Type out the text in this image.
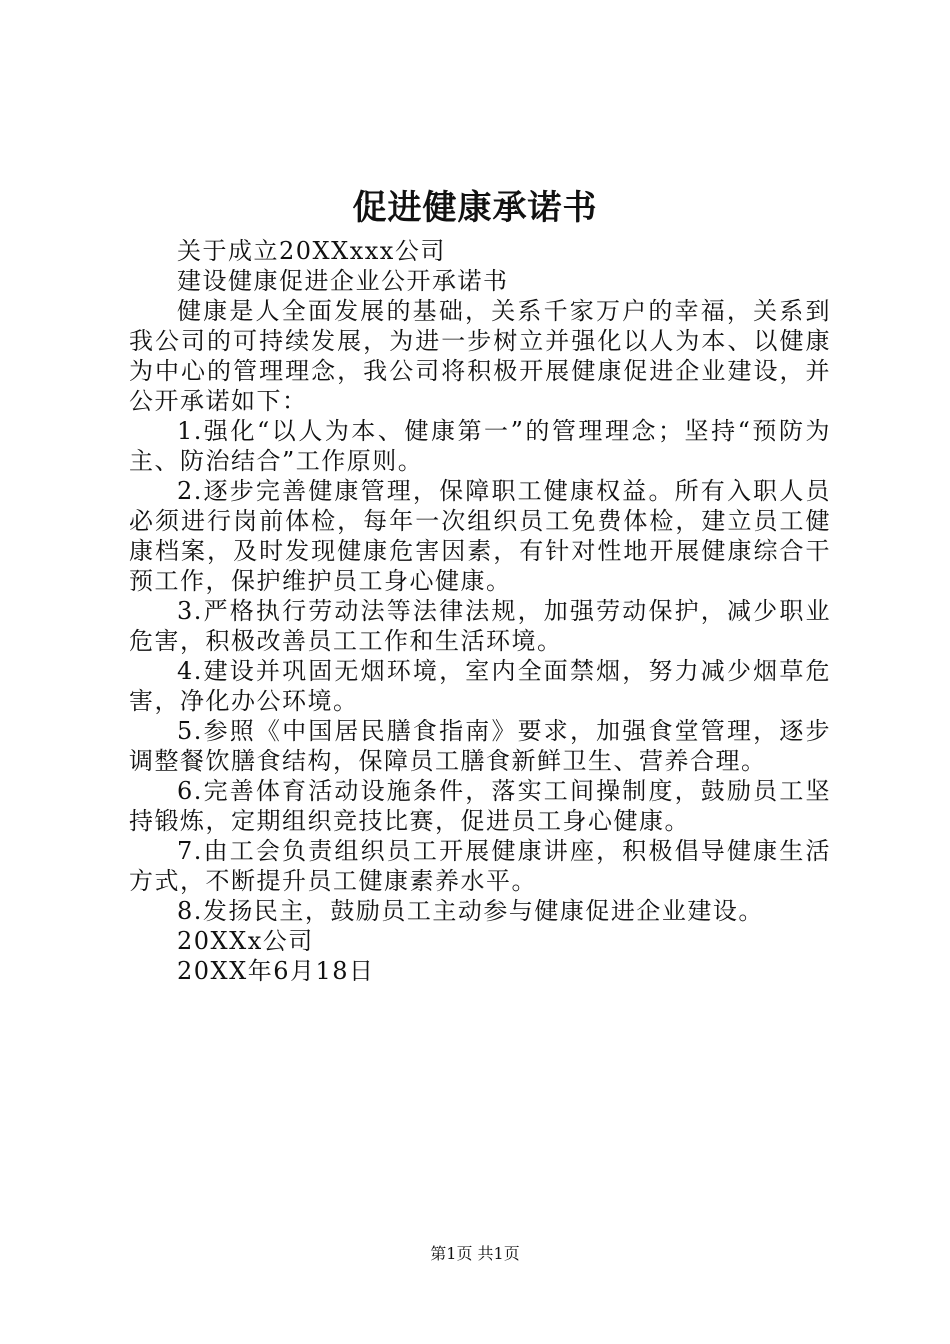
促进健康承诺书

关于成立20XXxxx公司

建设健康促进企业公开承诺书

健康是人全面发展的基础，关系千家万户的幸福，关系到我公司的可持续发展，为进一步树立并强化以人为本、以健康为中心的管理理念，我公司将积极开展健康促进企业建设，并公开承诺如下：

1.强化“以人为本、健康第一”的管理理念；坚持“预防为主、防治结合”工作原则。

2.逐步完善健康管理，保障职工健康权益。所有入职人员必须进行岗前体检，每年一次组织员工免费体检，建立员工健康档案，及时发现健康危害因素，有针对性地开展健康综合干预工作，保护维护员工身心健康。

3.严格执行劳动法等法律法规，加强劳动保护，减少职业危害，积极改善员工工作和生活环境。

4.建设并巩固无烟环境，室内全面禁烟，努力减少烟草危害，净化办公环境。

5.参照《中国居民膳食指南》要求，加强食堂管理，逐步调整餐饮膳食结构，保障员工膳食新鲜卫生、营养合理。

6.完善体育活动设施条件，落实工间操制度，鼓励员工坚持锻炼，定期组织竞技比赛，促进员工身心健康。

7.由工会负责组织员工开展健康讲座，积极倡导健康生活方式，不断提升员工健康素养水平。

8.发扬民主，鼓励员工主动参与健康促进企业建设。

20XXx公司

20XX年6月18日

第1页 共1页
